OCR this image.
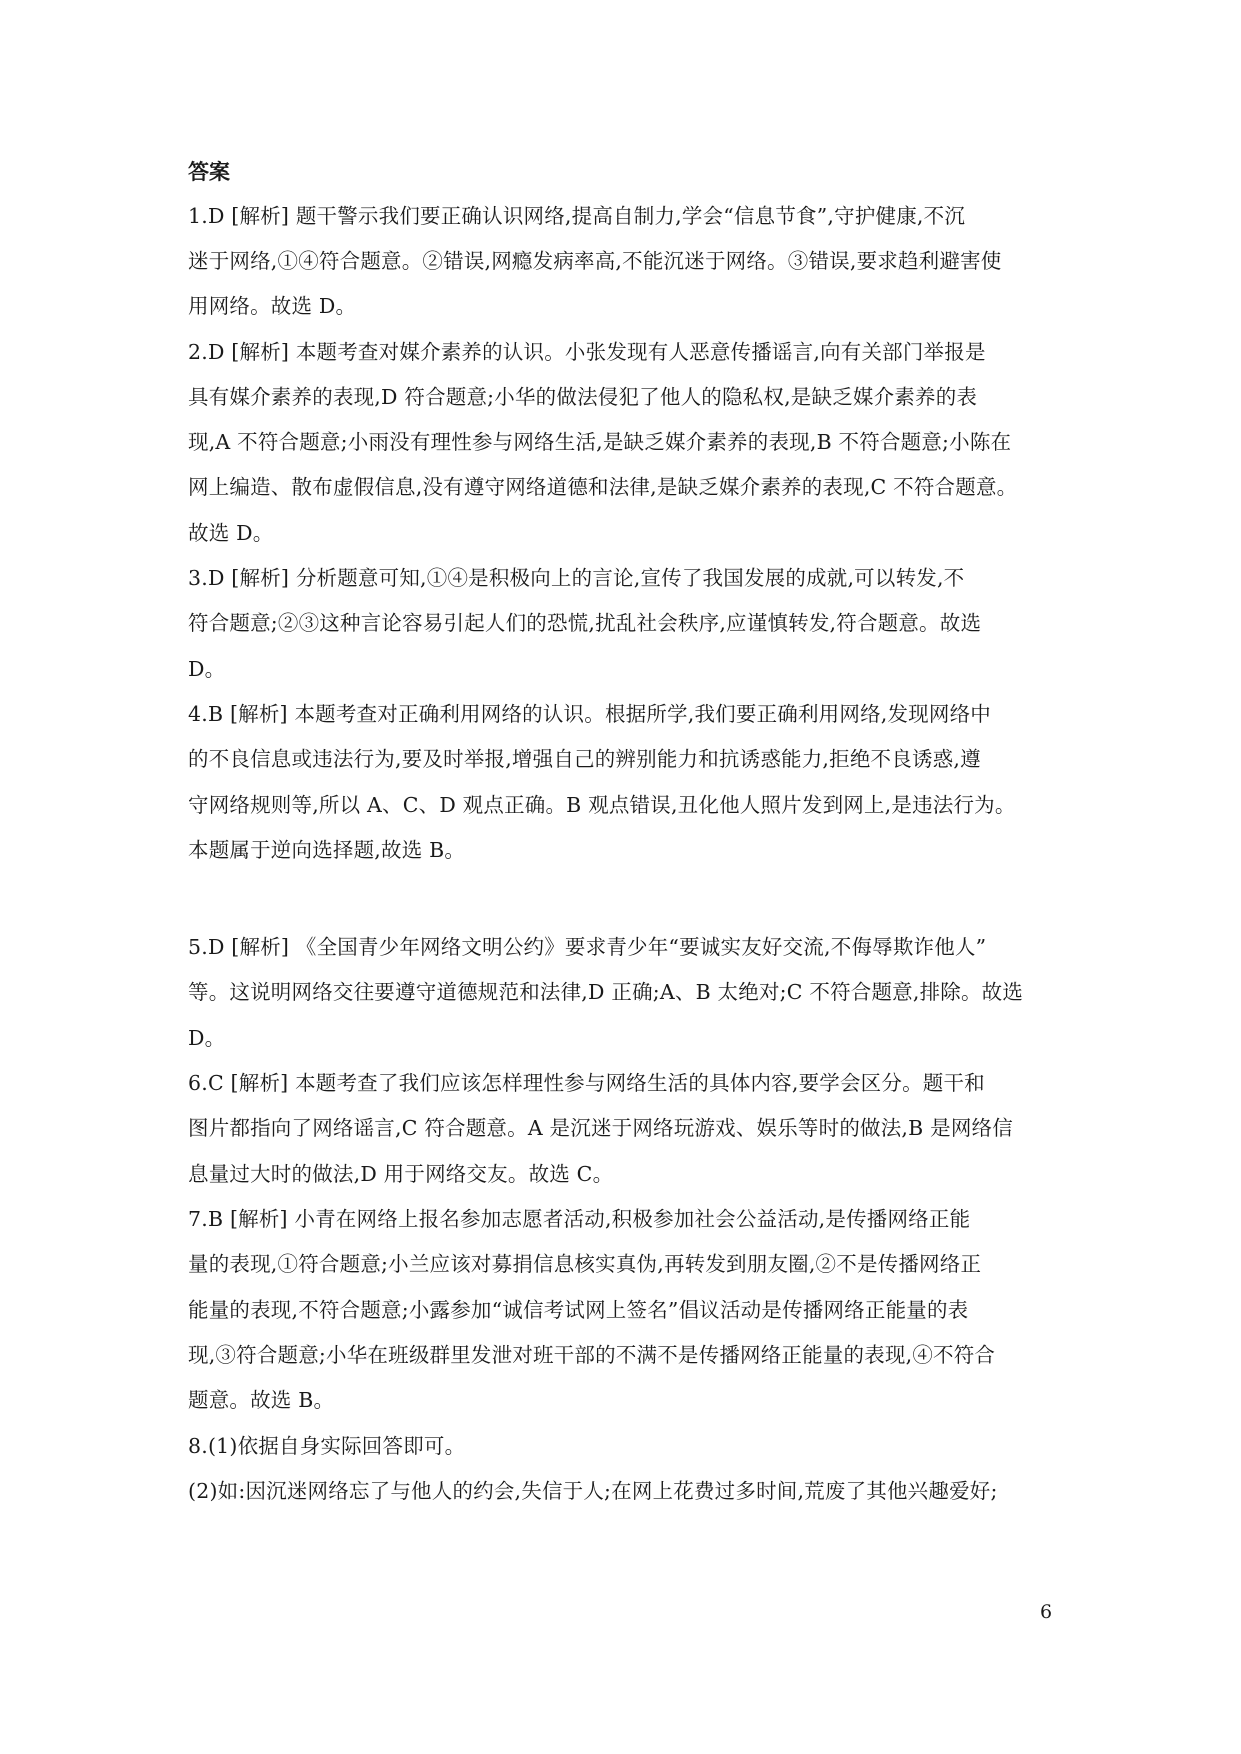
答案
1.D [解析] 题干警示我们要正确认识网络,提高自制力,学会“信息节食”,守护健康,不沉
迷于网络,①④符合题意。②错误,网瘾发病率高,不能沉迷于网络。③错误,要求趋利避害使
用网络。故选 D。
2.D [解析] 本题考查对媒介素养的认识。小张发现有人恶意传播谣言,向有关部门举报是
具有媒介素养的表现,D 符合题意;小华的做法侵犯了他人的隐私权,是缺乏媒介素养的表
现,A 不符合题意;小雨没有理性参与网络生活,是缺乏媒介素养的表现,B 不符合题意;小陈在
网上编造、散布虚假信息,没有遵守网络道德和法律,是缺乏媒介素养的表现,C 不符合题意。
故选 D。
3.D [解析] 分析题意可知,①④是积极向上的言论,宣传了我国发展的成就,可以转发,不
符合题意;②③这种言论容易引起人们的恐慌,扰乱社会秩序,应谨慎转发,符合题意。故选
D。
4.B [解析] 本题考查对正确利用网络的认识。根据所学,我们要正确利用网络,发现网络中
的不良信息或违法行为,要及时举报,增强自己的辨别能力和抗诱惑能力,拒绝不良诱惑,遵
守网络规则等,所以 A、C、D 观点正确。B 观点错误,丑化他人照片发到网上,是违法行为。
本题属于逆向选择题,故选 B。
5.D [解析] 《全国青少年网络文明公约》要求青少年“要诚实友好交流,不侮辱欺诈他人”
等。这说明网络交往要遵守道德规范和法律,D 正确;A、B 太绝对;C 不符合题意,排除。故选
D。
6.C [解析] 本题考查了我们应该怎样理性参与网络生活的具体内容,要学会区分。题干和
图片都指向了网络谣言,C 符合题意。A 是沉迷于网络玩游戏、娱乐等时的做法,B 是网络信
息量过大时的做法,D 用于网络交友。故选 C。
7.B [解析] 小青在网络上报名参加志愿者活动,积极参加社会公益活动,是传播网络正能
量的表现,①符合题意;小兰应该对募捐信息核实真伪,再转发到朋友圈,②不是传播网络正
能量的表现,不符合题意;小露参加“诚信考试网上签名”倡议活动是传播网络正能量的表
现,③符合题意;小华在班级群里发泄对班干部的不满不是传播网络正能量的表现,④不符合
题意。故选 B。
8.(1)依据自身实际回答即可。
(2)如:因沉迷网络忘了与他人的约会,失信于人;在网上花费过多时间,荒废了其他兴趣爱好;
6
